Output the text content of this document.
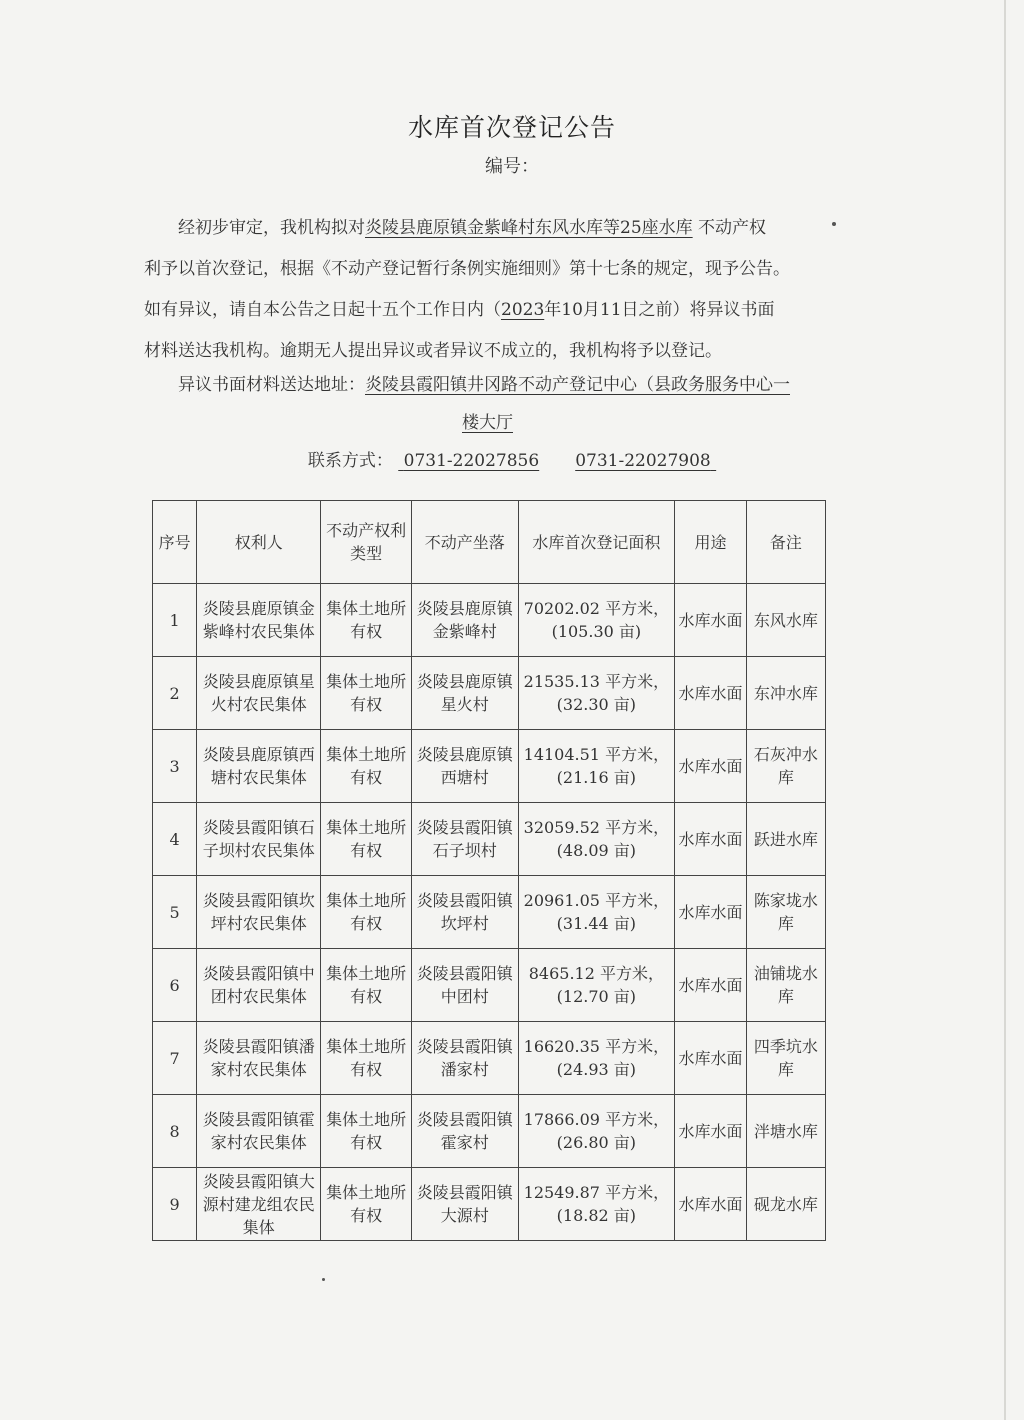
水库首次登记公告
编号：

经初步审定，我机构拟对炎陵县鹿原镇金紫峰村东风水库等25座水库 不动产权

利予以首次登记，根据《不动产登记暂行条例实施细则》第十七条的规定，现予公告。

如有异议，请自本公告之日起十五个工作日内（2023年10月11日之前）将异议书面

材料送达我机构。逾期无人提出异议或者异议不成立的，我机构将予以登记。

异议书面材料送达地址：炎陵县霞阳镇井冈路不动产登记中心（县政务服务中心一

楼大厅

联系方式： 0731-22027856 0731-22027908
序号	权利人	不动产权利类型	不动产坐落	水库首次登记面积	用途	备注
1	炎陵县鹿原镇金紫峰村农民集体	集体土地所有权	炎陵县鹿原镇金紫峰村	70202.02 平方米，
(105.30 亩)	水库水面	东风水库
2	炎陵县鹿原镇星火村农民集体	集体土地所有权	炎陵县鹿原镇星火村	21535.13 平方米，
(32.30 亩)	水库水面	东冲水库
3	炎陵县鹿原镇西塘村农民集体	集体土地所有权	炎陵县鹿原镇西塘村	14104.51 平方米，
(21.16 亩)	水库水面	石灰冲水库
4	炎陵县霞阳镇石子坝村农民集体	集体土地所有权	炎陵县霞阳镇石子坝村	32059.52 平方米，
(48.09 亩)	水库水面	跃进水库
5	炎陵县霞阳镇坎坪村农民集体	集体土地所有权	炎陵县霞阳镇坎坪村	20961.05 平方米，
(31.44 亩)	水库水面	陈家垅水库
6	炎陵县霞阳镇中团村农民集体	集体土地所有权	炎陵县霞阳镇中团村	8465.12 平方米，
(12.70 亩)	水库水面	油铺垅水库
7	炎陵县霞阳镇潘家村农民集体	集体土地所有权	炎陵县霞阳镇潘家村	16620.35 平方米，
(24.93 亩)	水库水面	四季坑水库
8	炎陵县霞阳镇霍家村农民集体	集体土地所有权	炎陵县霞阳镇霍家村	17866.09 平方米，
(26.80 亩)	水库水面	泮塘水库
9	炎陵县霞阳镇大源村建龙组农民集体	集体土地所有权	炎陵县霞阳镇大源村	12549.87 平方米，
(18.82 亩)	水库水面	砚龙水库
